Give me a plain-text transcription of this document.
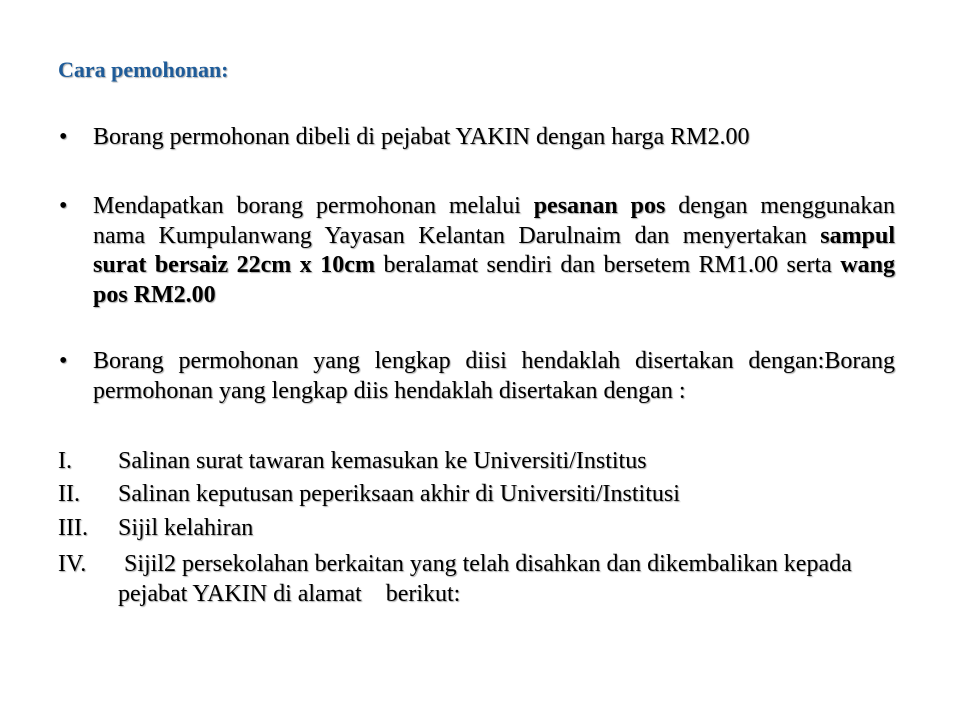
Cara pemohonan:
• Borang permohonan dibeli di pejabat YAKIN dengan harga RM2.00
• Mendapatkan borang permohonan melalui pesanan pos dengan menggunakan nama Kumpulanwang Yayasan Kelantan Darulnaim dan menyertakan sampul surat bersaiz 22cm x 10cm beralamat sendiri dan bersetem RM1.00 serta wang pos RM2.00
• Borang permohonan yang lengkap diisi hendaklah disertakan dengan:Borang permohonan yang lengkap diis hendaklah disertakan dengan :
I. Salinan surat tawaran kemasukan ke Universiti/Institus
II. Salinan keputusan peperiksaan akhir di Universiti/Institusi
III. Sijil kelahiran
IV. Sijil2 persekolahan berkaitan yang telah disahkan dan dikembalikan kepada
pejabat YAKIN di alamat    berikut:
